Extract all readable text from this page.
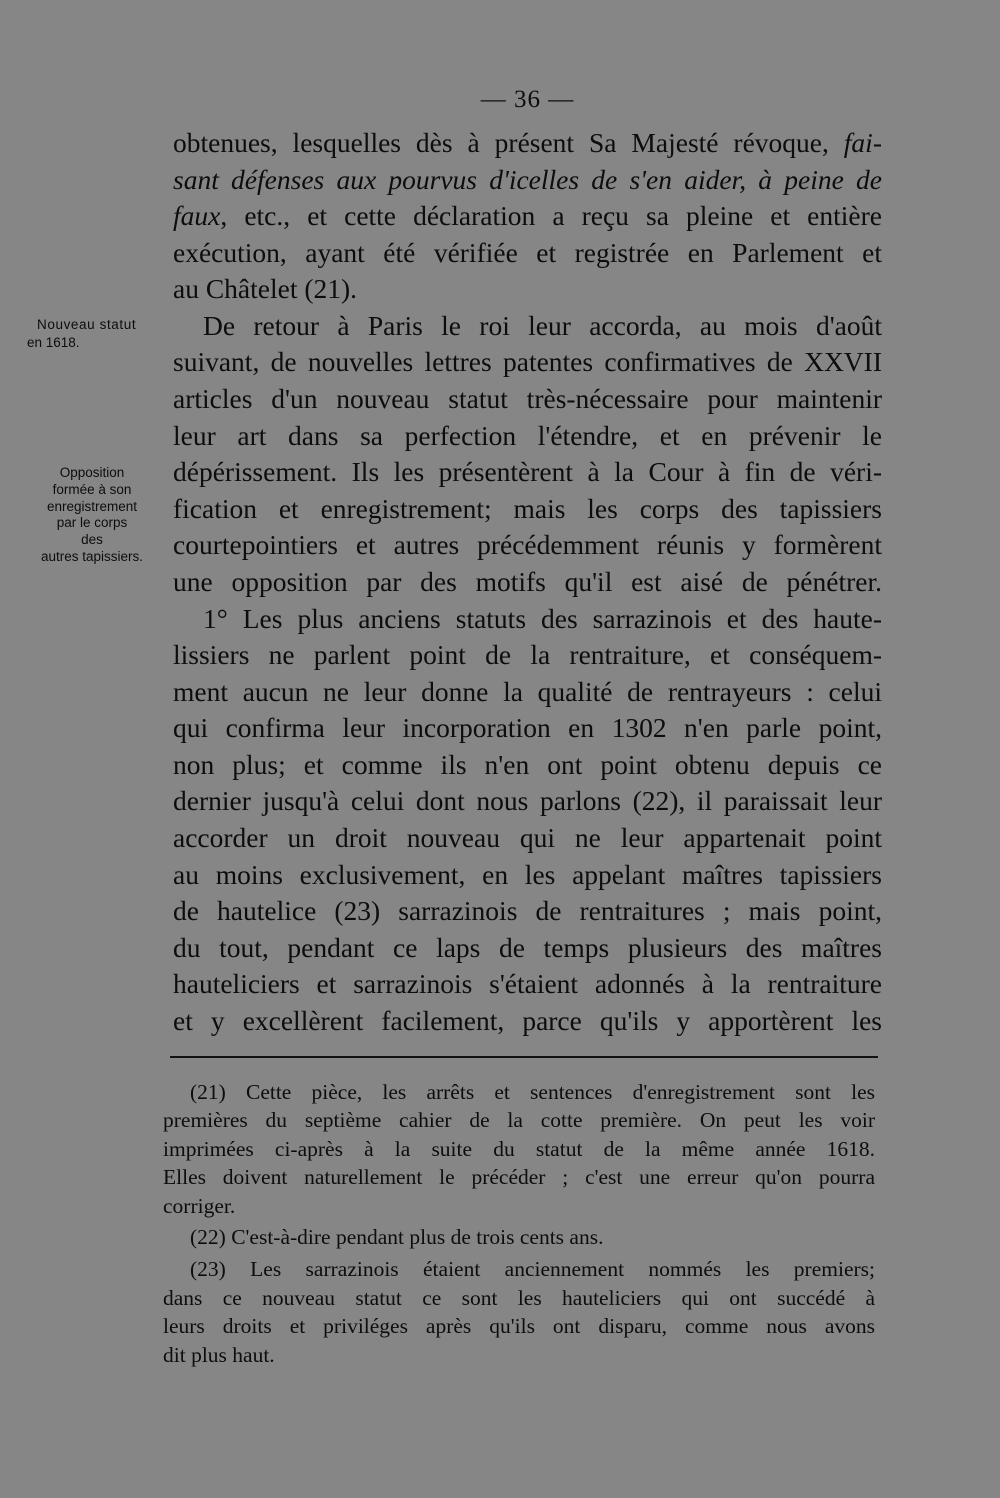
— 36 —
Nouveau statut
en 1618.
Opposition
formée à son
enregistrement
par le corps
des
autres tapissiers.
obtenues, lesquelles dès à présent Sa Majesté révoque, fai-
sant défenses aux pourvus d'icelles de s'en aider, à peine de
faux, etc., et cette déclaration a reçu sa pleine et entière
exécution, ayant été vérifiée et registrée en Parlement et
au Châtelet (21).
De retour à Paris le roi leur accorda, au mois d'août
suivant, de nouvelles lettres patentes confirmatives de XXVII
articles d'un nouveau statut très-nécessaire pour maintenir
leur art dans sa perfection l'étendre, et en prévenir le
dépérissement. Ils les présentèrent à la Cour à fin de véri-
fication et enregistrement; mais les corps des tapissiers
courtepointiers et autres précédemment réunis y formèrent
une opposition par des motifs qu'il est aisé de pénétrer.
1° Les plus anciens statuts des sarrazinois et des haute-
lissiers ne parlent point de la rentraiture, et conséquem-
ment aucun ne leur donne la qualité de rentrayeurs : celui
qui confirma leur incorporation en 1302 n'en parle point,
non plus; et comme ils n'en ont point obtenu depuis ce
dernier jusqu'à celui dont nous parlons (22), il paraissait leur
accorder un droit nouveau qui ne leur appartenait point
au moins exclusivement, en les appelant maîtres tapissiers
de hautelice (23) sarrazinois de rentraitures ; mais point,
du tout, pendant ce laps de temps plusieurs des maîtres
hauteliciers et sarrazinois s'étaient adonnés à la rentraiture
et y excellèrent facilement, parce qu'ils y apportèrent les
(21) Cette pièce, les arrêts et sentences d'enregistrement sont les
premières du septième cahier de la cotte première. On peut les voir
imprimées ci-après à la suite du statut de la même année 1618.
Elles doivent naturellement le précéder ; c'est une erreur qu'on pourra
corriger.
(22) C'est-à-dire pendant plus de trois cents ans.
(23) Les sarrazinois étaient anciennement nommés les premiers;
dans ce nouveau statut ce sont les hauteliciers qui ont succédé à
leurs droits et priviléges après qu'ils ont disparu, comme nous avons
dit plus haut.
